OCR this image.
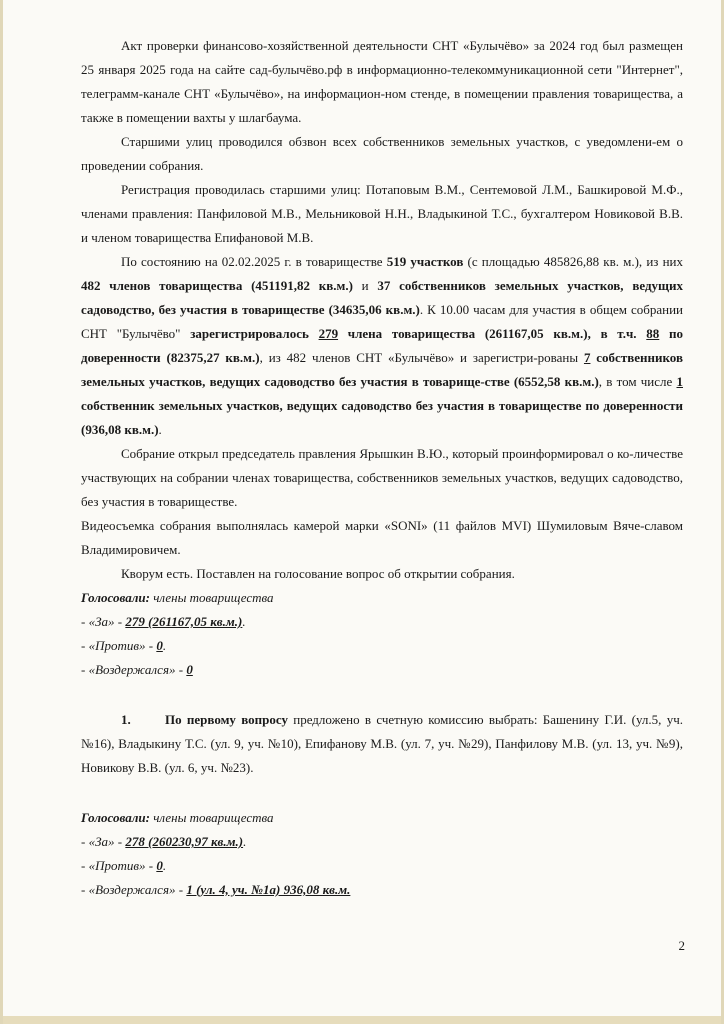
Акт проверки финансово-хозяйственной деятельности СНТ «Булычёво» за 2024 год был размещен 25 января 2025 года на сайте сад-булычёво.рф в информационно-телекоммуникационной сети "Интернет", телеграмм-канале СНТ «Булычёво», на информацион-ном стенде, в помещении правления товарищества, а также в помещении вахты у шлагбаума.

Старшими улиц проводился обзвон всех собственников земельных участков, с уведомлени-ем о проведении собрания.

Регистрация проводилась старшими улиц: Потаповым В.М., Сентемовой Л.М., Башкировой М.Ф., членами правления: Панфиловой М.В., Мельниковой Н.Н., Владыкиной Т.С., бухгалтером Новиковой В.В. и членом товарищества Епифановой М.В.

По состоянию на 02.02.2025 г. в товариществе 519 участков (с площадью 485826,88 кв. м.), из них 482 членов товарищества (451191,82 кв.м.) и 37 собственников земельных участков, ведущих садоводство, без участия в товариществе (34635,06 кв.м.). К 10.00 часам для участия в общем собрании СНТ "Булычёво" зарегистрировалось 279 члена товарищества (261167,05 кв.м.), в т.ч. 88 по доверенности (82375,27 кв.м.), из 482 членов СНТ «Булычёво» и зарегистри-рованы 7 собственников земельных участков, ведущих садоводство без участия в товарище-стве (6552,58 кв.м.), в том числе 1 собственник земельных участков, ведущих садоводство без участия в товариществе по доверенности (936,08 кв.м.).

Собрание открыл председатель правления Ярышкин В.Ю., который проинформировал о ко-личестве участвующих на собрании членах товарищества, собственников земельных участков, ведущих садоводство, без участия в товариществе.

Видеосъемка собрания выполнялась камерой марки «SONI» (11 файлов MVI) Шумиловым Вяче-славом Владимировичем.

Кворум есть. Поставлен на голосование вопрос об открытии собрания.

Голосовали: члены товарищества
- «За» - 279 (261167,05 кв.м.).
- «Против» - 0.
- «Воздержался» - 0

1.	По первому вопросу предложено в счетную комиссию выбрать: Башенину Г.И. (ул.5, уч. №16), Владыкину Т.С. (ул. 9, уч. №10), Епифанову М.В. (ул. 7, уч. №29), Панфилову М.В. (ул. 13, уч. №9), Новикову В.В. (ул. 6, уч. №23).

Голосовали: члены товарищества
- «За» - 278 (260230,97 кв.м.).
- «Против» - 0.
- «Воздержался» - 1 (ул. 4, уч. №1а) 936,08 кв.м.
2
